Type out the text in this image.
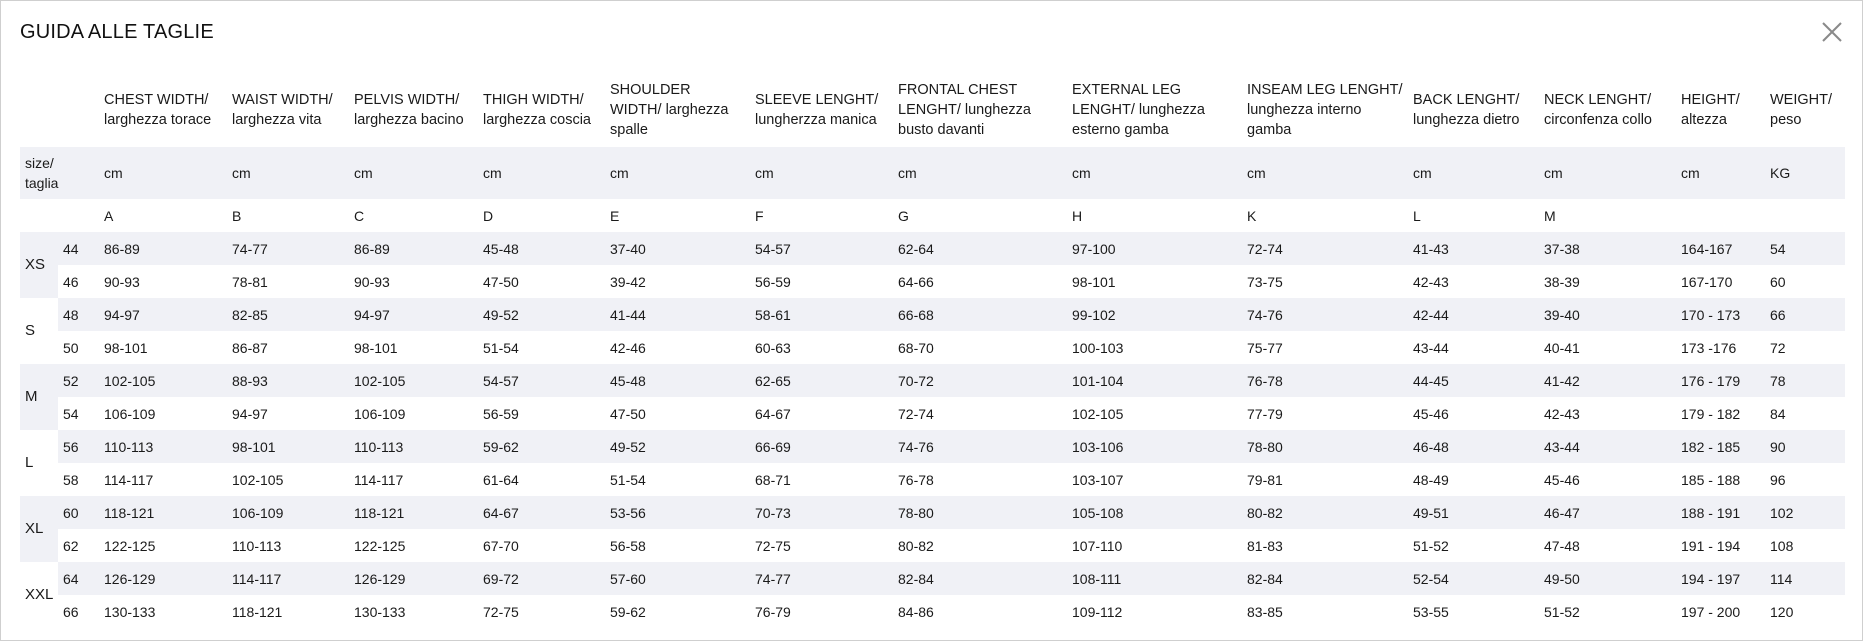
GUIDA ALLE TAGLIE
		CHEST WIDTH/ larghezza torace	WAIST WIDTH/ larghezza vita	PELVIS WIDTH/ larghezza bacino	THIGH WIDTH/ larghezza coscia	SHOULDER WIDTH/ larghezza spalle	SLEEVE LENGHT/ lungherzza manica	FRONTAL CHEST LENGHT/ lunghezza busto davanti	EXTERNAL LEG LENGHT/ lunghezza esterno gamba	INSEAM LEG LENGHT/ lunghezza interno gamba	BACK LENGHT/ lunghezza dietro	NECK LENGHT/ circonfenza collo	HEIGHT/ altezza	WEIGHT/ peso
size/
taglia		cm	cm	cm	cm	cm	cm	cm	cm	cm	cm	cm	cm	KG
		A	B	C	D	E	F	G	H	K	L	M		
XS	44	86-89	74-77	86-89	45-48	37-40	54-57	62-64	97-100	72-74	41-43	37-38	164-167	54
	46	90-93	78-81	90-93	47-50	39-42	56-59	64-66	98-101	73-75	42-43	38-39	167-170	60
S	48	94-97	82-85	94-97	49-52	41-44	58-61	66-68	99-102	74-76	42-44	39-40	170 - 173	66
	50	98-101	86-87	98-101	51-54	42-46	60-63	68-70	100-103	75-77	43-44	40-41	173 -176	72
M	52	102-105	88-93	102-105	54-57	45-48	62-65	70-72	101-104	76-78	44-45	41-42	176 - 179	78
	54	106-109	94-97	106-109	56-59	47-50	64-67	72-74	102-105	77-79	45-46	42-43	179 - 182	84
L	56	110-113	98-101	110-113	59-62	49-52	66-69	74-76	103-106	78-80	46-48	43-44	182 - 185	90
	58	114-117	102-105	114-117	61-64	51-54	68-71	76-78	103-107	79-81	48-49	45-46	185 - 188	96
XL	60	118-121	106-109	118-121	64-67	53-56	70-73	78-80	105-108	80-82	49-51	46-47	188 - 191	102
	62	122-125	110-113	122-125	67-70	56-58	72-75	80-82	107-110	81-83	51-52	47-48	191 - 194	108
XXL	64	126-129	114-117	126-129	69-72	57-60	74-77	82-84	108-111	82-84	52-54	49-50	194 - 197	114
	66	130-133	118-121	130-133	72-75	59-62	76-79	84-86	109-112	83-85	53-55	51-52	197 - 200	120
